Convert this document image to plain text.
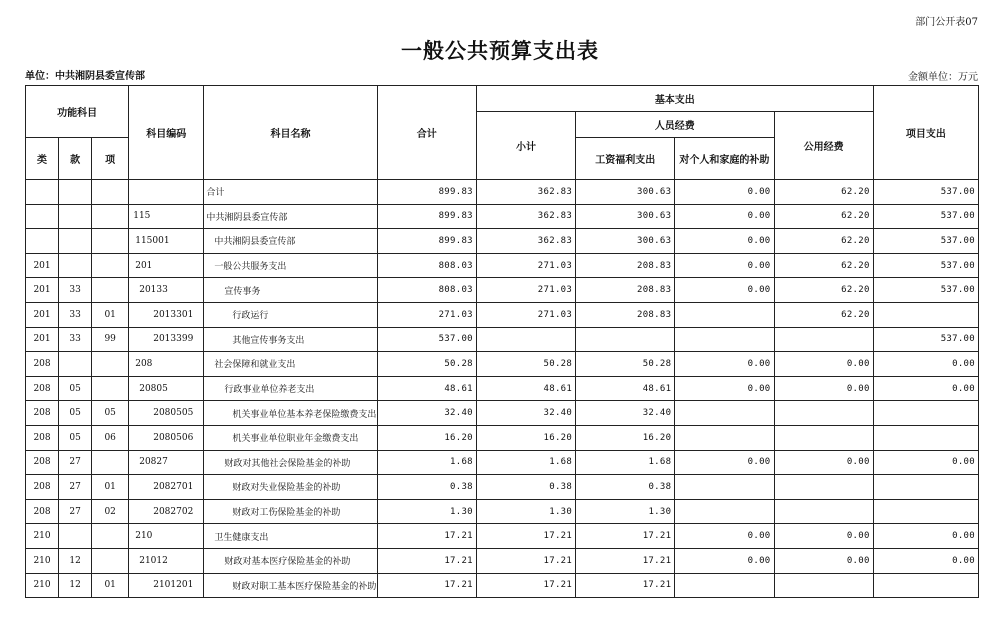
部门公开表07
一般公共预算支出表
单位：中共湘阴县委宣传部	金额单位：万元
功能科目			科目编码	科目名称	合计	基本支出				项目支出
						小计	人员经费		公用经费	
类	款	项					工资福利支出	对个人和家庭的补助		
				合计	899.83	362.83	300.63	0.00	62.20	537.00
			115	中共湘阴县委宣传部	899.83	362.83	300.63	0.00	62.20	537.00
			115001	中共湘阴县委宣传部	899.83	362.83	300.63	0.00	62.20	537.00
201			201	一般公共服务支出	808.03	271.03	208.83	0.00	62.20	537.00
201	33		20133	宣传事务	808.03	271.03	208.83	0.00	62.20	537.00
201	33	01	2013301	行政运行	271.03	271.03	208.83		62.20	
201	33	99	2013399	其他宣传事务支出	537.00					537.00
208			208	社会保障和就业支出	50.28	50.28	50.28	0.00	0.00	0.00
208	05		20805	行政事业单位养老支出	48.61	48.61	48.61	0.00	0.00	0.00
208	05	05	2080505	机关事业单位基本养老保险缴费支出	32.40	32.40	32.40			
208	05	06	2080506	机关事业单位职业年金缴费支出	16.20	16.20	16.20			
208	27		20827	财政对其他社会保险基金的补助	1.68	1.68	1.68	0.00	0.00	0.00
208	27	01	2082701	财政对失业保险基金的补助	0.38	0.38	0.38			
208	27	02	2082702	财政对工伤保险基金的补助	1.30	1.30	1.30			
210			210	卫生健康支出	17.21	17.21	17.21	0.00	0.00	0.00
210	12		21012	财政对基本医疗保险基金的补助	17.21	17.21	17.21	0.00	0.00	0.00
210	12	01	2101201	财政对职工基本医疗保险基金的补助	17.21	17.21	17.21			
